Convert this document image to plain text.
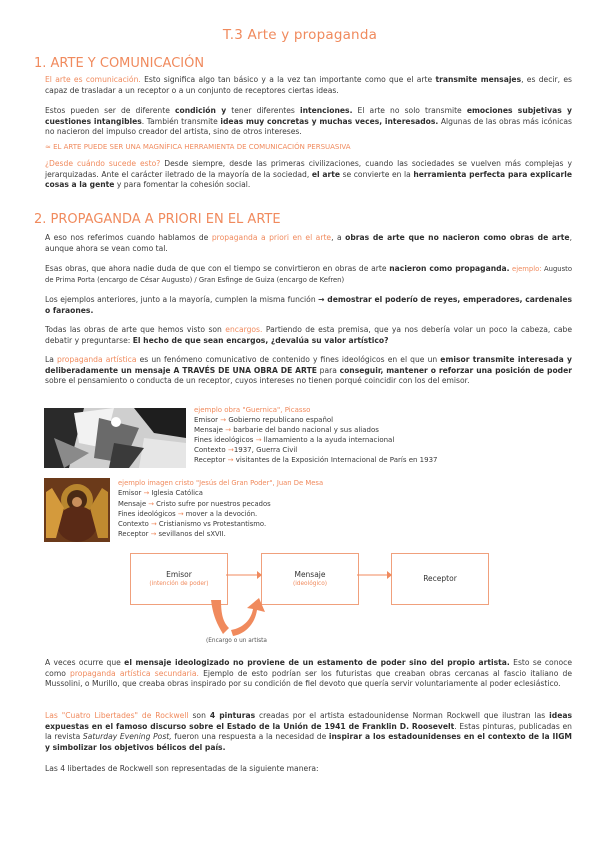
T.3 Arte y propaganda
1. ARTE Y COMUNICACIÓN

El arte es comunicación. Esto significa algo tan básico y a la vez tan importante como que el arte transmite mensajes, es decir, es capaz de trasladar a un receptor o a un conjunto de receptores ciertas ideas.

Estos pueden ser de diferente condición y tener diferentes intenciones. El arte no solo transmite emociones subjetivas y cuestiones intangibles. También transmite ideas muy concretas y muchas veces, interesados. Algunas de las obras más icónicas no nacieron del impulso creador del artista, sino de otros intereses.

≈ EL ARTE PUEDE SER UNA MAGNÍFICA HERRAMIENTA DE COMUNICACIÓN PERSUASIVA

¿Desde cuándo sucede esto? Desde siempre, desde las primeras civilizaciones, cuando las sociedades se vuelven más complejas y jerarquizadas. Ante el carácter iletrado de la mayoría de la sociedad, el arte se convierte en la herramienta perfecta para explicarle cosas a la gente y para fomentar la cohesión social.

2. PROPAGANDA A PRIORI EN EL ARTE

A eso nos referimos cuando hablamos de propaganda a priori en el arte, a obras de arte que no nacieron como obras de arte, aunque ahora se vean como tal.

Esas obras, que ahora nadie duda de que con el tiempo se convirtieron en obras de arte nacieron como propaganda. ejemplo: Augusto de Prima Porta (encargo de César Augusto) / Gran Esfinge de Guiza (encargo de Kefren)

Los ejemplos anteriores, junto a la mayoría, cumplen la misma función → demostrar el poderío de reyes, emperadores, cardenales o faraones.

Todas las obras de arte que hemos visto son encargos. Partiendo de esta premisa, que ya nos debería volar un poco la cabeza, cabe debatir y preguntarse: El hecho de que sean encargos, ¿devalúa su valor artístico?

La propaganda artística es un fenómeno comunicativo de contenido y fines ideológicos en el que un emisor transmite interesada y deliberadamente un mensaje A TRAVÉS DE UNA OBRA DE ARTE para conseguir, mantener o reforzar una posición de poder sobre el pensamiento o conducta de un receptor, cuyos intereses no tienen porqué coincidir con los del emisor.

ejemplo obra "Guernica", Picasso
Emisor → Gobierno republicano español
Mensaje → barbarie del bando nacional y sus aliados
Fines ideológicos → llamamiento a la ayuda internacional
Contexto →1937, Guerra Civil
Receptor → visitantes de la Exposición Internacional de París en 1937
ejemplo imagen cristo "Jesús del Gran Poder", Juan De Mesa
Emisor → Iglesia Católica
Mensaje → Cristo sufre por nuestros pecados
Fines ideológicos → mover a la devoción.
Contexto → Cristianismo vs Protestantismo.
Receptor → sevillanos del sXVII.
Emisor
(intención de poder)
Mensaje
(ideológico)
Receptor
(Encargo o un artista

A veces ocurre que el mensaje ideologizado no proviene de un estamento de poder sino del propio artista. Esto se conoce como propaganda artística secundaria. Ejemplo de esto podrían ser los futuristas que creaban obras cercanas al fascio italiano de Mussolini, o Murillo, que creaba obras inspirado por su condición de fiel devoto que quería servir voluntariamente al poder eclesiástico.

Las "Cuatro Libertades" de Rockwell son 4 pinturas creadas por el artista estadounidense Norman Rockwell que ilustran las ideas expuestas en el famoso discurso sobre el Estado de la Unión de 1941 de Franklin D. Roosevelt. Estas pinturas, publicadas en la revista Saturday Evening Post, fueron una respuesta a la necesidad de inspirar a los estadounidenses en el contexto de la IIGM y simbolizar los objetivos bélicos del país.

Las 4 libertades de Rockwell son representadas de la siguiente manera:
